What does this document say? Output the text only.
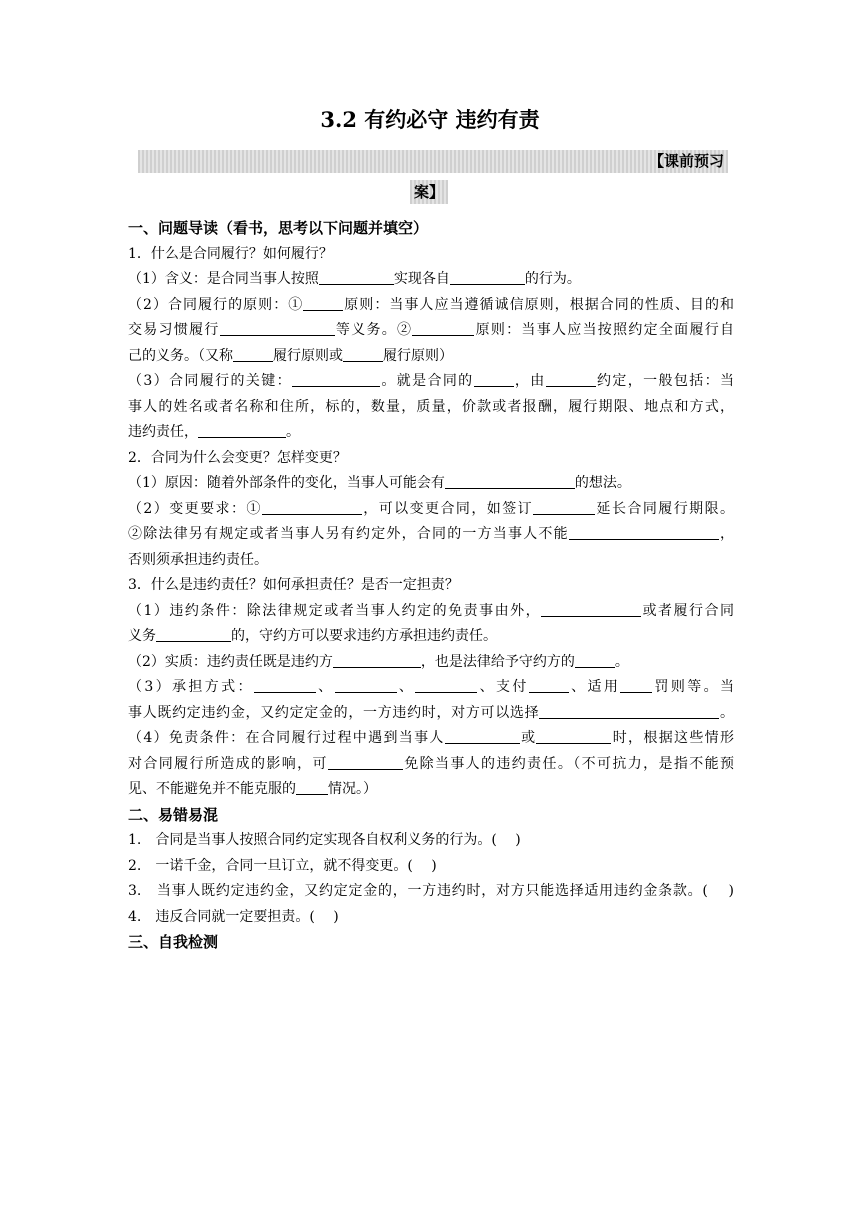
3.2 有约必守 违约有责
【课前预习
案】
一、问题导读（看书，思考以下问题并填空）
1．什么是合同履行？如何履行？
（1）含义：是合同当事人按照	实现各自	的行为。
（2）合同履行的原则：①	原则：当事人应当遵循诚信原则，根据合同的性质、目的和
交易习惯履行	等义务。②	原则：当事人应当按照约定全面履行自
己的义务。（又称	履行原则或	履行原则）
（3）合同履行的关键：	。就是合同的	，由	约定，一般包括：当
事人的姓名或者名称和住所，标的，数量，质量，价款或者报酬，履行期限、地点和方式，
违约责任，	。
2．合同为什么会变更？怎样变更？
（1）原因：随着外部条件的变化，当事人可能会有	的想法。
（2）变更要求：①	，可以变更合同，如签订	延长合同履行期限。
②除法律另有规定或者当事人另有约定外，合同的一方当事人不能	，
否则须承担违约责任。
3．什么是违约责任？如何承担责任？是否一定担责？
（1）违约条件：除法律规定或者当事人约定的免责事由外，	或者履行合同
义务	的，守约方可以要求违约方承担违约责任。
（2）实质：违约责任既是违约方	，也是法律给予守约方的	。
（3）承担方式：	、	、	、支付	、适用 罚则等。当
事人既约定违约金，又约定定金的，一方违约时，对方可以选择	。
（4）免责条件：在合同履行过程中遇到当事人	或	时，根据这些情形
对合同履行所造成的影响，可	免除当事人的违约责任。（不可抗力，是指不能预
见、不能避免并不能克服的 情况。）
二、易错易混
1.　合同是当事人按照合同约定实现各自权利义务的行为。(　 )
2.　一诺千金，合同一旦订立，就不得变更。(　 )
3.　当事人既约定违约金，又约定定金的，一方违约时，对方只能选择适用违约金条款。(　 )
4.　违反合同就一定要担责。(　 )
三、自我检测
